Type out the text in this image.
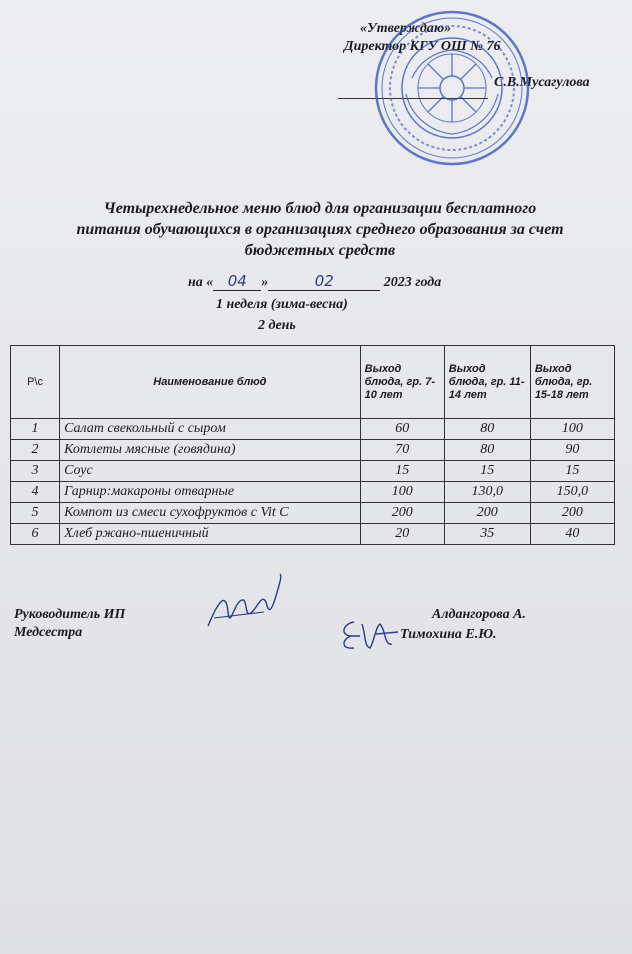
«Утверждаю»
Директор КГУ ОШ № 76
С.В.Мусагулова
Четырехнедельное меню блюд для организации бесплатного
питания обучающихся в организациях среднего образования за счет
бюджетных средств
на « 04 »	02	2023 года
1 неделя (зима-весна)
2 день
Р\с	Наименование блюд	Выход блюда, гр. 7-10 лет	Выход блюда, гр. 11-14 лет	Выход блюда, гр. 15-18 лет
1	Салат свекольный с сыром	60	80	100
2	Котлеты мясные (говядина)	70	80	90
3	Соус	15	15	15
4	Гарнир:макароны отварные	100	130,0	150,0
5	Компот из смеси сухофруктов с Vit C	200	200	200
6	Хлеб ржано-пшеничный	20	35	40
Руководитель ИП
Медсестра
Алдангорова А.
Тимохина Е.Ю.
